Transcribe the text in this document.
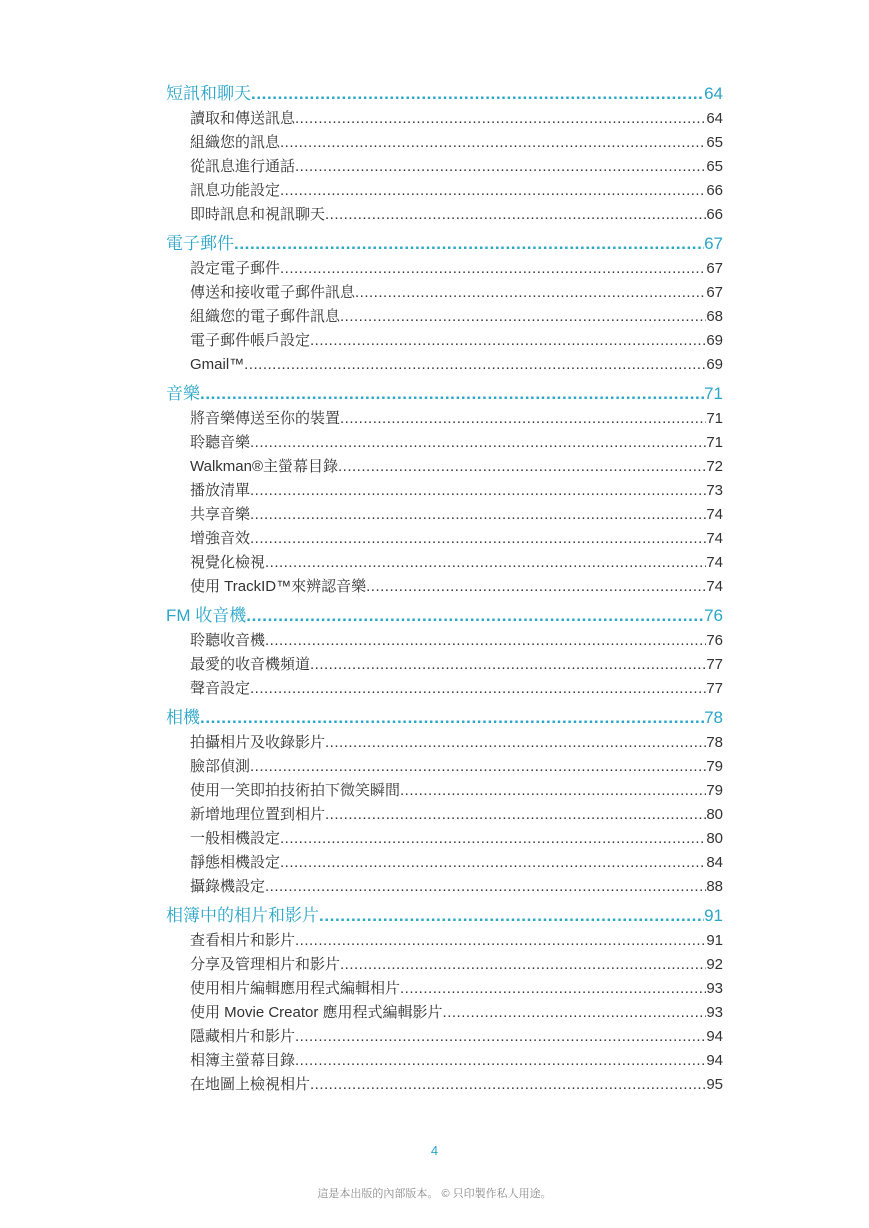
短訊和聊天 .....	64
讀取和傳送訊息 .....	64
組織您的訊息 .....	65
從訊息進行通話 .....	65
訊息功能設定 .....	66
即時訊息和視訊聊天 .....	66
電子郵件 .....	67
設定電子郵件 .....	67
傳送和接收電子郵件訊息 .....	67
組織您的電子郵件訊息 .....	68
電子郵件帳戶設定 .....	69
Gmail™ .....	69
音樂 .....	71
將音樂傳送至你的裝置 .....	71
聆聽音樂 .....	71
Walkman®主螢幕目錄 .....	72
播放清單 .....	73
共享音樂 .....	74
增強音效 .....	74
視覺化檢視 .....	74
使用 TrackID™來辨認音樂 .....	74
FM 收音機 .....	76
聆聽收音機 .....	76
最愛的收音機頻道 .....	77
聲音設定 .....	77
相機 .....	78
拍攝相片及收錄影片 .....	78
臉部偵測 .....	79
使用一笑即拍技術拍下微笑瞬間 .....	79
新增地理位置到相片 .....	80
一般相機設定 .....	80
靜態相機設定 .....	84
攝錄機設定 .....	88
相簿中的相片和影片 .....	91
查看相片和影片 .....	91
分享及管理相片和影片 .....	92
使用相片編輯應用程式編輯相片 .....	93
使用 Movie Creator 應用程式編輯影片 .....	93
隱藏相片和影片 .....	94
相簿主螢幕目錄 .....	94
在地圖上檢視相片 .....	95
4
這是本出版的內部版本。 © 只印製作私人用途。
